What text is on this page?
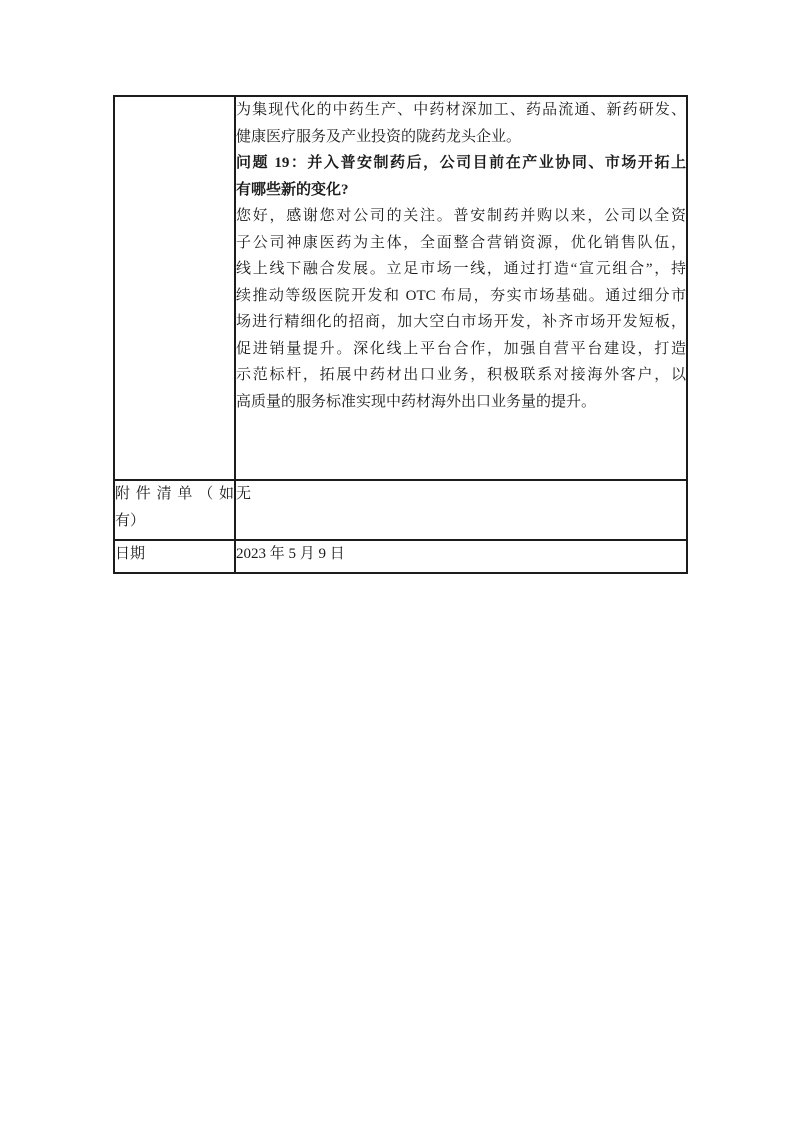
为集现代化的中药生产、中药材深加工、药品流通、新药研发、
健康医疗服务及产业投资的陇药龙头企业。
问题 19：并入普安制药后，公司目前在产业协同、市场开拓上
有哪些新的变化?
您好，感谢您对公司的关注。普安制药并购以来，公司以全资
子公司神康医药为主体，全面整合营销资源，优化销售队伍，
线上线下融合发展。立足市场一线，通过打造“宣元组合”，持
续推动等级医院开发和 OTC 布局，夯实市场基础。通过细分市
场进行精细化的招商，加大空白市场开发，补齐市场开发短板，
促进销量提升。深化线上平台合作，加强自营平台建设，打造
示范标杆，拓展中药材出口业务，积极联系对接海外客户，以
高质量的服务标准实现中药材海外出口业务量的提升。

附件清单（如
有）	无

日期	2023 年 5 月 9 日
